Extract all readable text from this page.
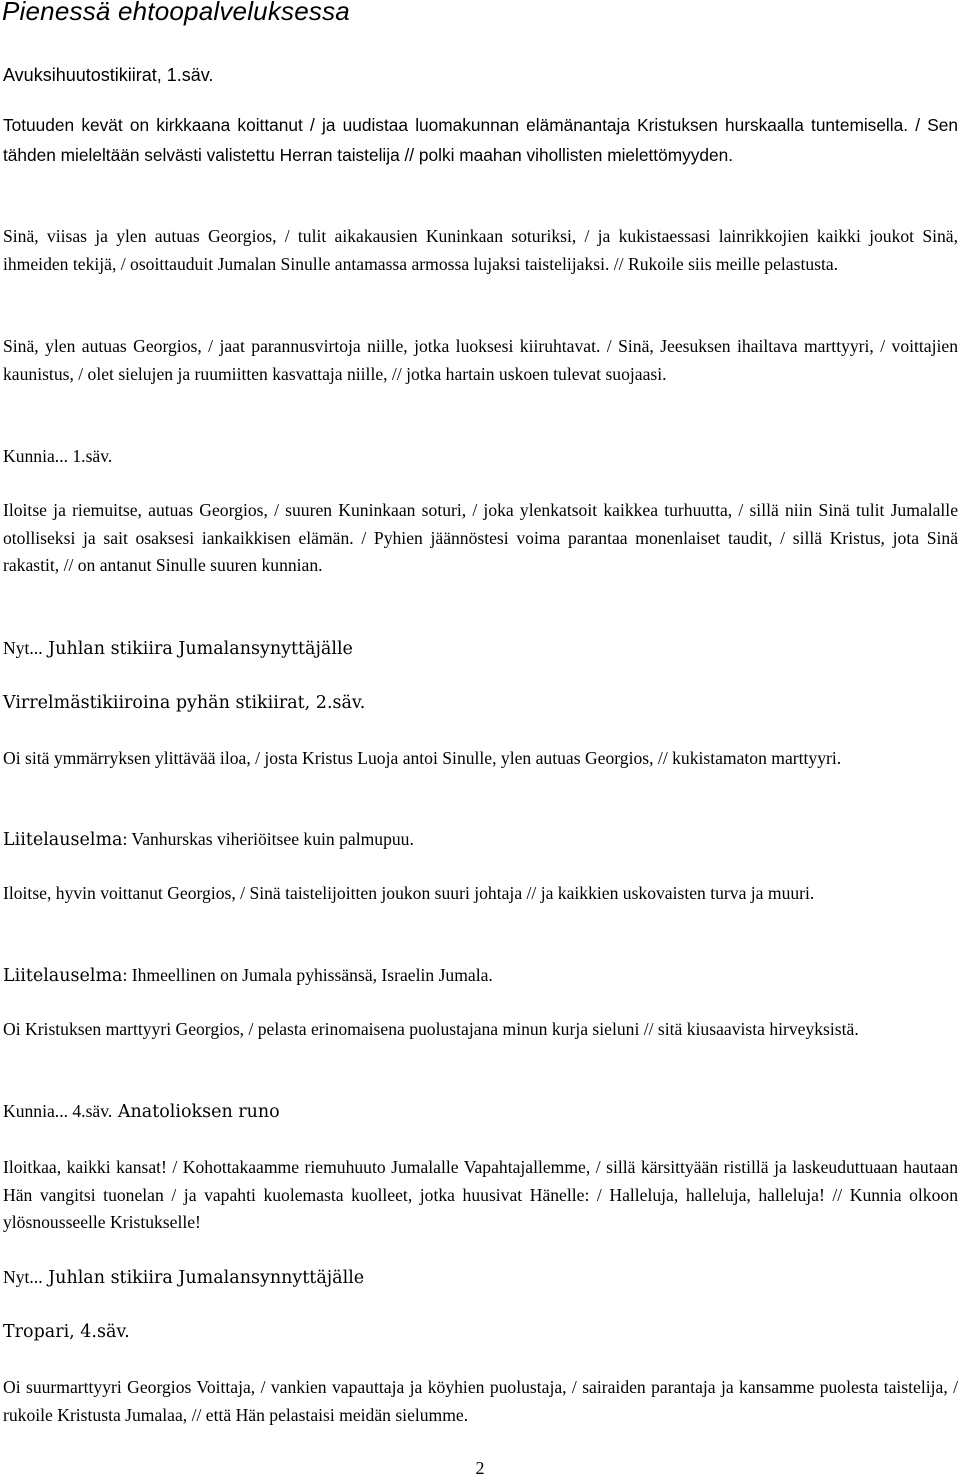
Pienessä ehtoopalveluksessa
Avuksihuutostikiirat, 1.säv.

Totuuden kevät on kirkkaana koittanut / ja uudistaa luomakunnan elämänantaja Kristuksen hurskaalla tuntemisella. / Sen tähden mieleltään selvästi valistettu Herran taistelija // polki maahan vihollisten mielettömyyden.

Sinä, viisas ja ylen autuas Georgios, / tulit aikakausien Kuninkaan soturiksi, / ja kukistaessasi lainrikkojien kaikki joukot Sinä, ihmeiden tekijä, / osoittauduit Jumalan Sinulle antamassa armossa lujaksi taistelijaksi. // Rukoile siis meille pelastusta.

Sinä, ylen autuas Georgios, / jaat parannusvirtoja niille, jotka luoksesi kiiruhtavat. / Sinä, Jeesuksen ihailtava marttyyri, / voittajien kaunistus, / olet sielujen ja ruumiitten kasvattaja niille, // jotka hartain uskoen tulevat suojaasi.

Kunnia... 1.säv.

Iloitse ja riemuitse, autuas Georgios, / suuren Kuninkaan soturi, / joka ylenkatsoit kaikkea turhuutta, / sillä niin Sinä tulit Jumalalle otolliseksi ja sait osaksesi iankaikkisen elämän. / Pyhien jäännöstesi voima parantaa monenlaiset taudit, / sillä Kristus, jota Sinä rakastit, // on antanut Sinulle suuren kunnian.

Nyt... Juhlan stikiira Jumalansynyttäjälle

Virrelmästikiiroina pyhän stikiirat, 2.säv.

Oi sitä ymmärryksen ylittävää iloa, / josta Kristus Luoja antoi Sinulle, ylen autuas Georgios, // kukistamaton marttyyri.

Liitelauselma: Vanhurskas viheriöitsee kuin palmupuu.

Iloitse, hyvin voittanut Georgios, / Sinä taistelijoitten joukon suuri johtaja // ja kaikkien uskovaisten turva ja muuri.

Liitelauselma: Ihmeellinen on Jumala pyhissänsä, Israelin Jumala.

Oi Kristuksen marttyyri Georgios, / pelasta erinomaisena puolustajana minun kurja sieluni // sitä kiusaavista hirveyksistä.

Kunnia... 4.säv. Anatolioksen runo

Iloitkaa, kaikki kansat! / Kohottakaamme riemuhuuto Jumalalle Vapahtajallemme, / sillä kärsittyään ristillä ja laskeuduttuaan hautaan Hän vangitsi tuonelan / ja vapahti kuolemasta kuolleet, jotka huusivat Hänelle: / Halleluja, halleluja, halleluja! // Kunnia olkoon ylösnousseelle Kristukselle!

Nyt... Juhlan stikiira Jumalansynnyttäjälle

Tropari, 4.säv.

Oi suurmarttyyri Georgios Voittaja, / vankien vapauttaja ja köyhien puolustaja, / sairaiden parantaja ja kansamme puolesta taistelija, / rukoile Kristusta Jumalaa, // että Hän pelastaisi meidän sielumme.

2
